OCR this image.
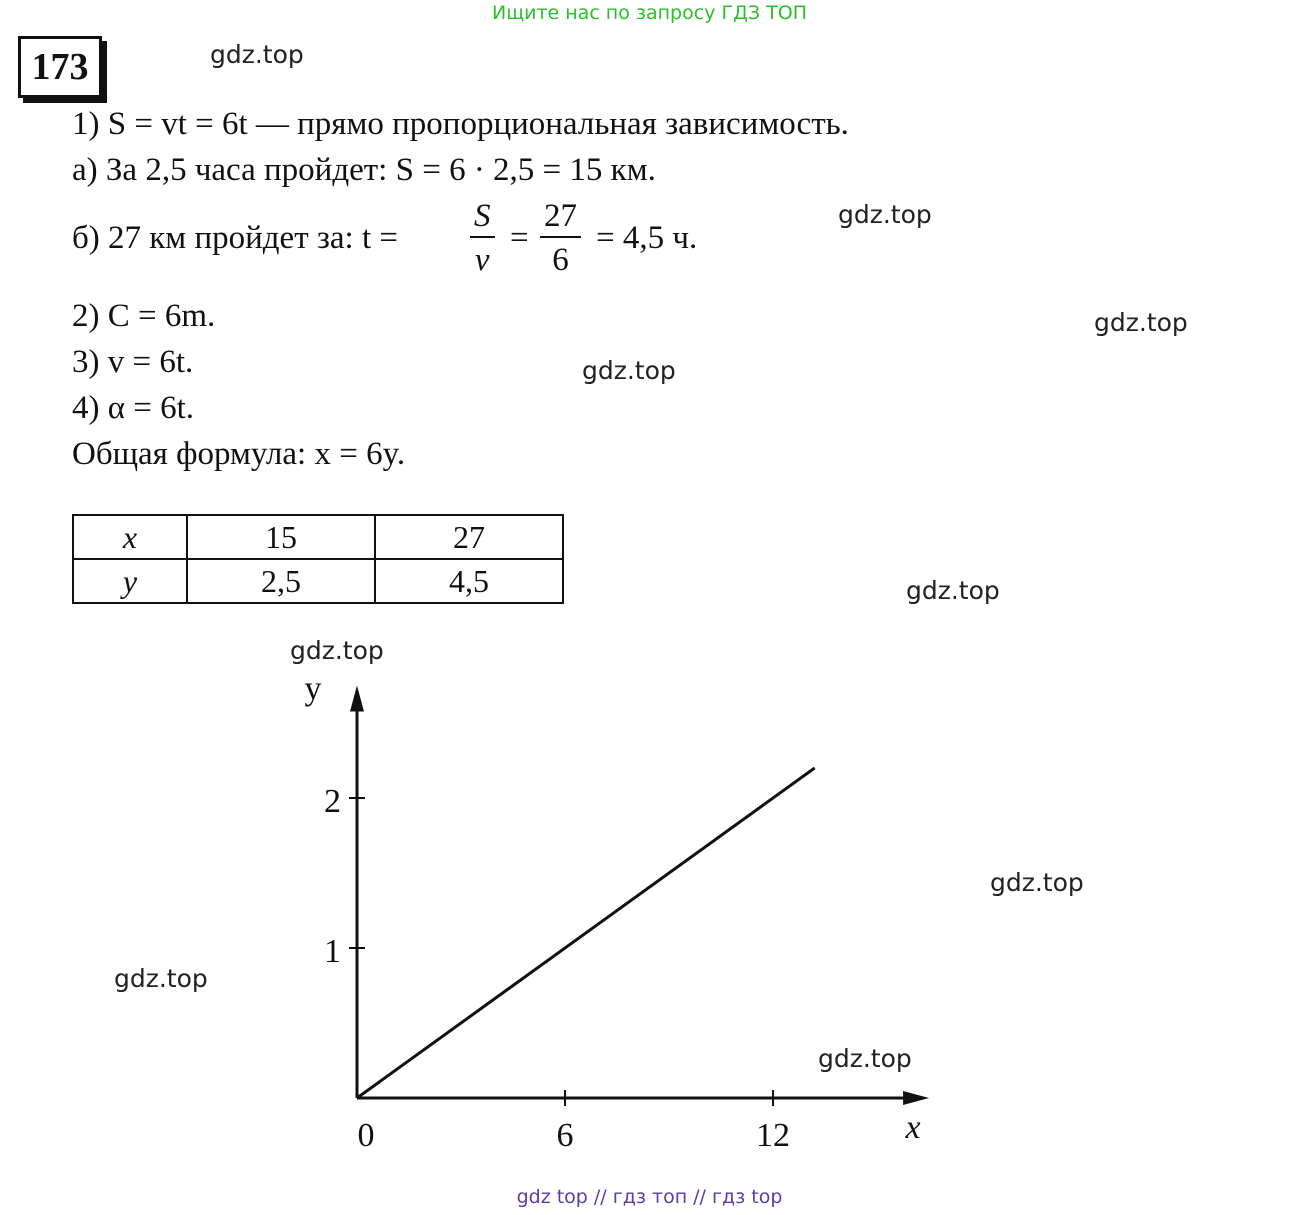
Ищите нас по запросу ГДЗ ТОП
173	gdz.top
gdz.top
gdz.top
gdz.top
gdz.top
gdz.top
gdz.top
gdz.top
gdz.top
1) S = vt = 6t — прямо пропорциональная зависимость.
а) За 2,5 часа пройдет: S = 6 · 2,5 = 15 км.
б) 27 км пройдет за: $t = \frac{S}{v} = \frac{27}{6} = 4,5$ ч.
2) C = 6m.
3) v = 6t.
4) α = 6t.
Общая формула: x = 6y.
x	15	27
y	2,5	4,5
0	6	12
1
2
x
y
gdz top // гдз топ // гдз top
